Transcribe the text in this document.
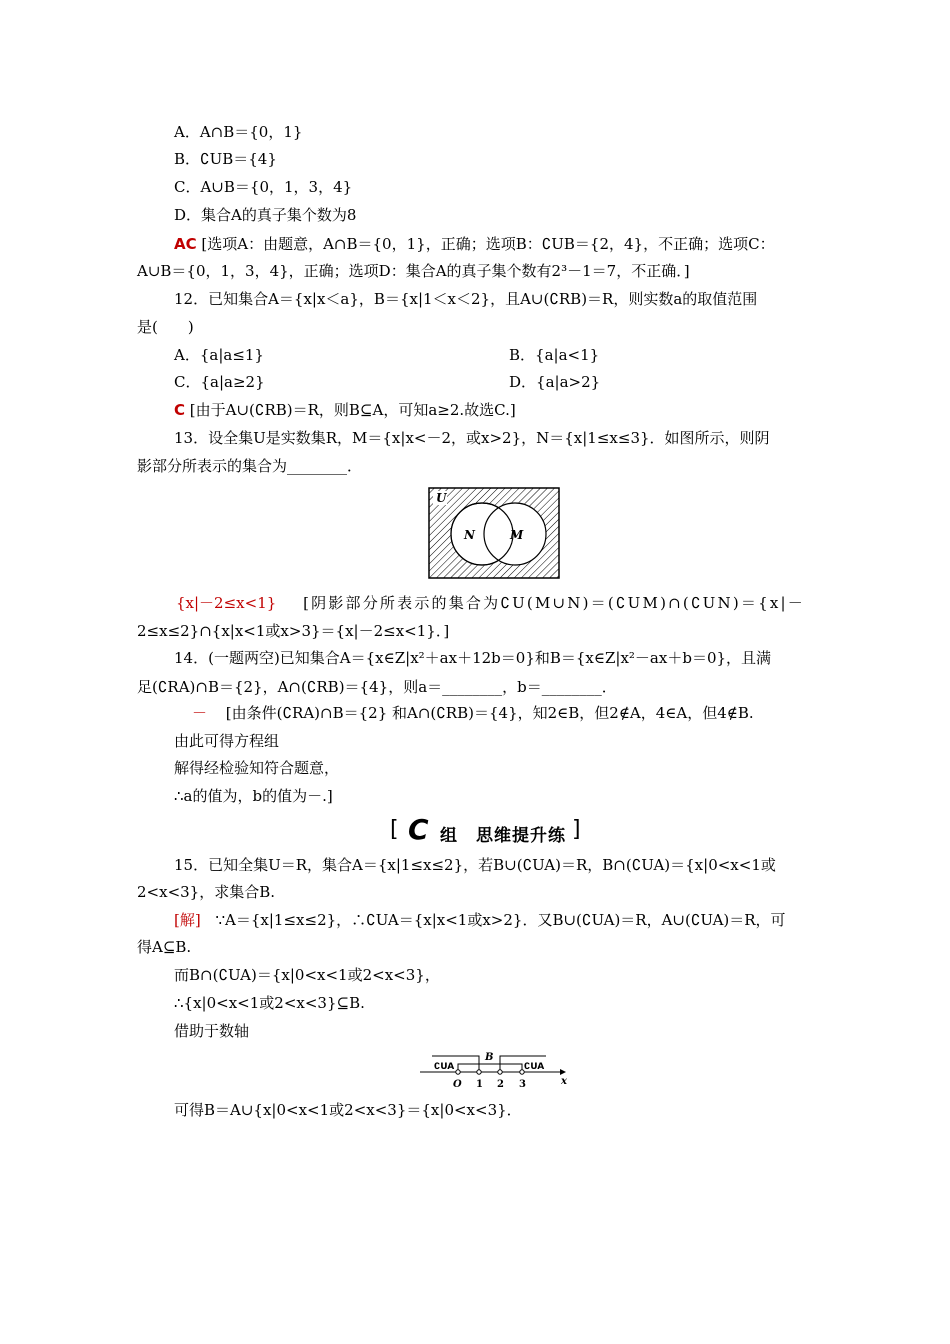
A．A∩B＝{0，1}
B．∁UB＝{4}
C．A∪B＝{0，1，3，4}
D．集合A的真子集个数为8
AC [选项A：由题意，A∩B＝{0，1}，正确；选项B：∁UB＝{2，4}，不正确；选项C：
A∪B＝{0，1，3，4}，正确；选项D：集合A的真子集个数有2³－1＝7，不正确．]
12．已知集合A＝{x|x＜a}，B＝{x|1＜x＜2}，且A∪(∁RB)＝R，则实数a的取值范围
是(　　)
A．{a|a≤1}	B．{a|a<1}
C．{a|a≥2}	D．{a|a>2}
C [由于A∪(∁RB)＝R，则B⊆A，可知a≥2.故选C.]
13．设全集U是实数集R，M＝{x|x<－2，或x>2}，N＝{x|1≤x≤3}．如图所示，则阴
影部分所表示的集合为________．
U
N	M
{x|－2≤x<1} [阴影部分所表示的集合为∁U(M∪N)＝(∁UM)∩(∁UN)＝{x|－
2≤x≤2}∩{x|x<1或x>3}＝{x|－2≤x<1}．]
14．(一题两空)已知集合A＝{x∈Z|x²＋ax＋12b＝0}和B＝{x∈Z|x²－ax＋b＝0}，且满
足(∁RA)∩B＝{2}，A∩(∁RB)＝{4}，则a＝________，b＝________．
－ [由条件(∁RA)∩B＝{2} 和A∩(∁RB)＝{4}，知2∈B，但2∉A，4∈A，但4∉B.
由此可得方程组
解得经检验知符合题意，
∴a的值为，b的值为－.]
[ C 组　思维提升练 ]
15．已知全集U＝R，集合A＝{x|1≤x≤2}，若B∪(∁UA)＝R，B∩(∁UA)＝{x|0<x<1或
2<x<3}，求集合B.
[解] ∵A＝{x|1≤x≤2}，∴∁UA＝{x|x<1或x>2}．又B∪(∁UA)＝R，A∪(∁UA)＝R，可
得A⊆B.
而B∩(∁UA)＝{x|0<x<1或2<x<3}，
∴{x|0<x<1或2<x<3}⊆B.
借助于数轴
∁UA
B
∁UA
O 1 2 3	x
可得B＝A∪{x|0<x<1或2<x<3}＝{x|0<x<3}．
